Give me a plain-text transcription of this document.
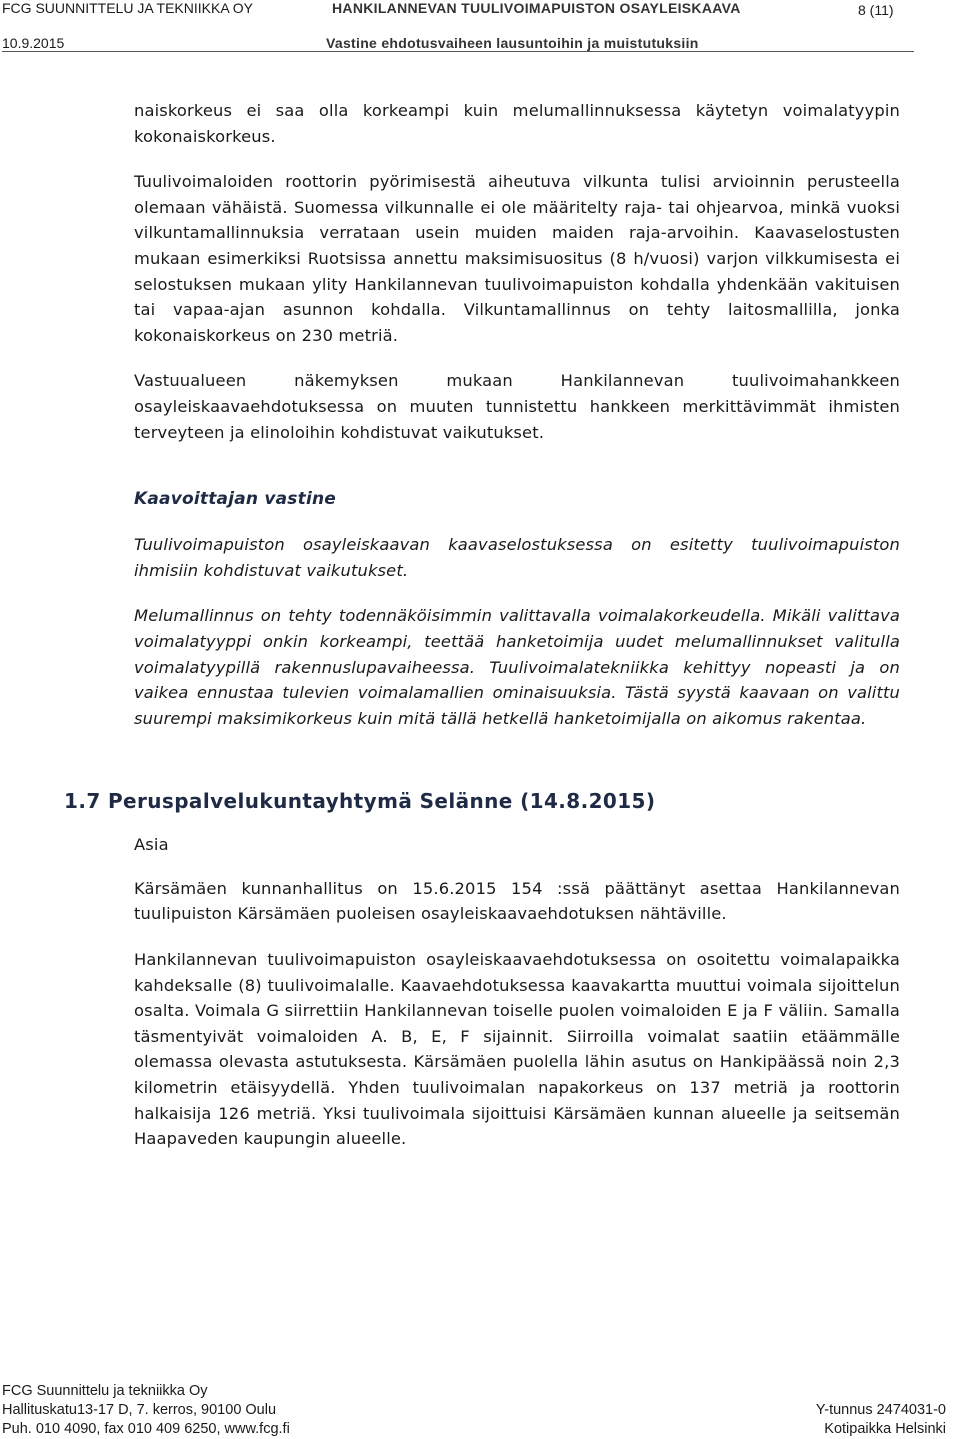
FCG SUUNNITTELU JA TEKNIIKKA OY	HANKILANNEVAN TUULIVOIMAPUISTON OSAYLEISKAAVA	8 (11)
10.9.2015	Vastine ehdotusvaiheen lausuntoihin ja muistutuksiin

naiskorkeus ei saa olla korkeampi kuin melumallinnuksessa käytetyn voimalatyypin kokonaiskorkeus.

Tuulivoimaloiden roottorin pyörimisestä aiheutuva vilkunta tulisi arvioinnin perusteella olemaan vähäistä. Suomessa vilkunnalle ei ole määritelty raja- tai ohjearvoa, minkä vuoksi vilkuntamallinnuksia verrataan usein muiden maiden raja-arvoihin. Kaavaselostusten mukaan esimerkiksi Ruotsissa annettu maksimisuositus (8 h/vuosi) varjon vilkkumisesta ei selostuksen mukaan ylity Hankilannevan tuulivoimapuiston kohdalla yhdenkään vakituisen tai vapaa-ajan asunnon kohdalla. Vilkuntamallinnus on tehty laitosmallilla, jonka kokonaiskorkeus on 230 metriä.

Vastuualueen näkemyksen mukaan Hankilannevan tuulivoimahankkeen osayleiskaavaehdotuksessa on muuten tunnistettu hankkeen merkittävimmät ihmisten terveyteen ja elinoloihin kohdistuvat vaikutukset.

Kaavoittajan vastine

Tuulivoimapuiston osayleiskaavan kaavaselostuksessa on esitetty tuulivoimapuiston ihmisiin kohdistuvat vaikutukset.

Melumallinnus on tehty todennäköisimmin valittavalla voimalakorkeudella. Mikäli valittava voimalatyyppi onkin korkeampi, teettää hanketoimija uudet melumallinnukset valitulla voimalatyypillä rakennuslupavaiheessa. Tuulivoimalatekniikka kehittyy nopeasti ja on vaikea ennustaa tulevien voimalamallien ominaisuuksia. Tästä syystä kaavaan on valittu suurempi maksimikorkeus kuin mitä tällä hetkellä hanketoimijalla on aikomus rakentaa.

1.7 Peruspalvelukuntayhtymä Selänne (14.8.2015)

Asia

Kärsämäen kunnanhallitus on 15.6.2015 154 :ssä päättänyt asettaa Hankilannevan tuulipuiston Kärsämäen puoleisen osayleiskaavaehdotuksen nähtäville.

Hankilannevan tuulivoimapuiston osayleiskaavaehdotuksessa on osoitettu voimalapaikka kahdeksalle (8) tuulivoimalalle. Kaavaehdotuksessa kaavakartta muuttui voimala sijoittelun osalta. Voimala G siirrettiin Hankilannevan toiselle puolen voimaloiden E ja F väliin. Samalla täsmentyivät voimaloiden A. B, E, F sijainnit. Siirroilla voimalat saatiin etäämmälle olemassa olevasta astutuksesta. Kärsämäen puolella lähin asutus on Hankipäässä noin 2,3 kilometrin etäisyydellä. Yhden tuulivoimalan napakorkeus on 137 metriä ja roottorin halkaisija 126 metriä. Yksi tuulivoimala sijoittuisi Kärsämäen kunnan alueelle ja seitsemän Haapaveden kaupungin alueelle.

FCG Suunnittelu ja tekniikka Oy
Hallituskatu13-17 D, 7. kerros, 90100 Oulu	Y-tunnus 2474031-0
Puh. 010 4090, fax 010 409 6250, www.fcg.fi	Kotipaikka Helsinki
